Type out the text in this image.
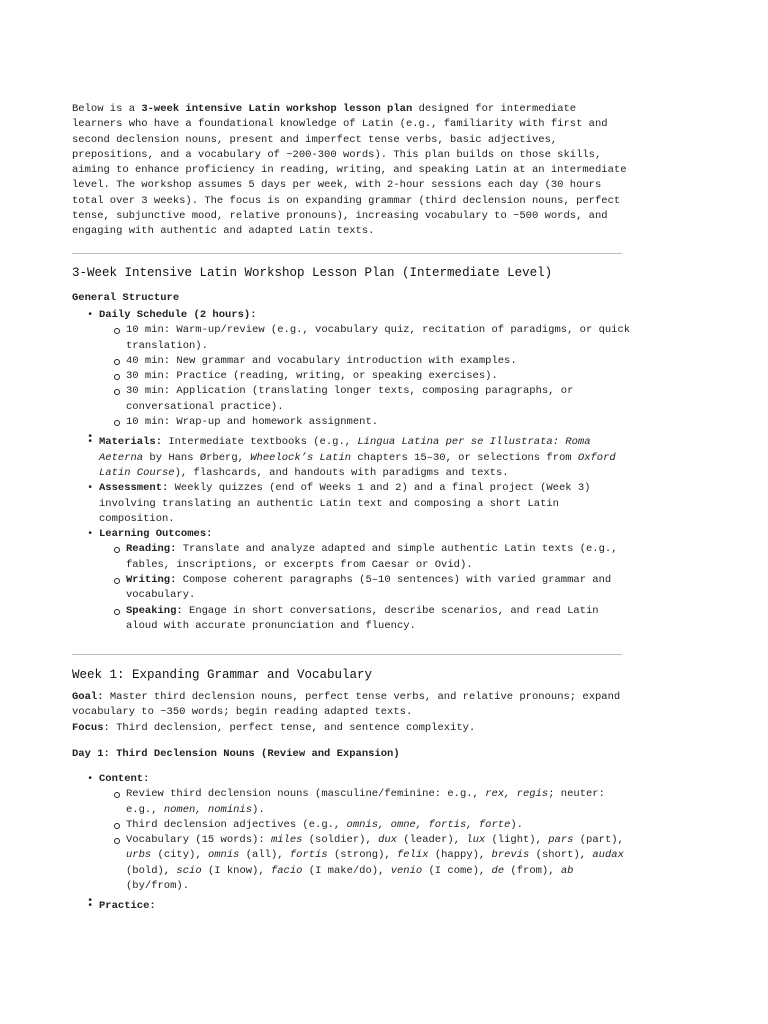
Below is a 3-week intensive Latin workshop lesson plan designed for intermediate learners who have a foundational knowledge of Latin (e.g., familiarity with first and second declension nouns, present and imperfect tense verbs, basic adjectives, prepositions, and a vocabulary of ~200-300 words). This plan builds on those skills, aiming to enhance proficiency in reading, writing, and speaking Latin at an intermediate level. The workshop assumes 5 days per week, with 2-hour sessions each day (30 hours total over 3 weeks). The focus is on expanding grammar (third declension nouns, perfect tense, subjunctive mood, relative pronouns), increasing vocabulary to ~500 words, and engaging with authentic and adapted Latin texts.

3-Week Intensive Latin Workshop Lesson Plan (Intermediate Level)
General Structure
• Daily Schedule (2 hours):
10 min: Warm-up/review (e.g., vocabulary quiz, recitation of paradigms, or quick translation).
40 min: New grammar and vocabulary introduction with examples.
30 min: Practice (reading, writing, or speaking exercises).
30 min: Application (translating longer texts, composing paragraphs, or conversational practice).
10 min: Wrap-up and homework assignment.
•
• Materials: Intermediate textbooks (e.g., Lingua Latina per se Illustrata: Roma Aeterna by Hans Ørberg, Wheelock’s Latin chapters 15–30, or selections from Oxford Latin Course), flashcards, and handouts with paradigms and texts.
• Assessment: Weekly quizzes (end of Weeks 1 and 2) and a final project (Week 3) involving translating an authentic Latin text and composing a short Latin composition.
• Learning Outcomes:
Reading: Translate and analyze adapted and simple authentic Latin texts (e.g., fables, inscriptions, or excerpts from Caesar or Ovid).
Writing: Compose coherent paragraphs (5–10 sentences) with varied grammar and vocabulary.
Speaking: Engage in short conversations, describe scenarios, and read Latin aloud with accurate pronunciation and fluency.
Week 1: Expanding Grammar and Vocabulary

Goal: Master third declension nouns, perfect tense verbs, and relative pronouns; expand vocabulary to ~350 words; begin reading adapted texts.
Focus: Third declension, perfect tense, and sentence complexity.

Day 1: Third Declension Nouns (Review and Expansion)
• Content:
Review third declension nouns (masculine/feminine: e.g., rex, regis; neuter: e.g., nomen, nominis).
Third declension adjectives (e.g., omnis, omne, fortis, forte).
Vocabulary (15 words): miles (soldier), dux (leader), lux (light), pars (part), urbs (city), omnis (all), fortis (strong), felix (happy), brevis (short), audax (bold), scio (I know), facio (I make/do), venio (I come), de (from), ab (by/from).
•
• Practice:
